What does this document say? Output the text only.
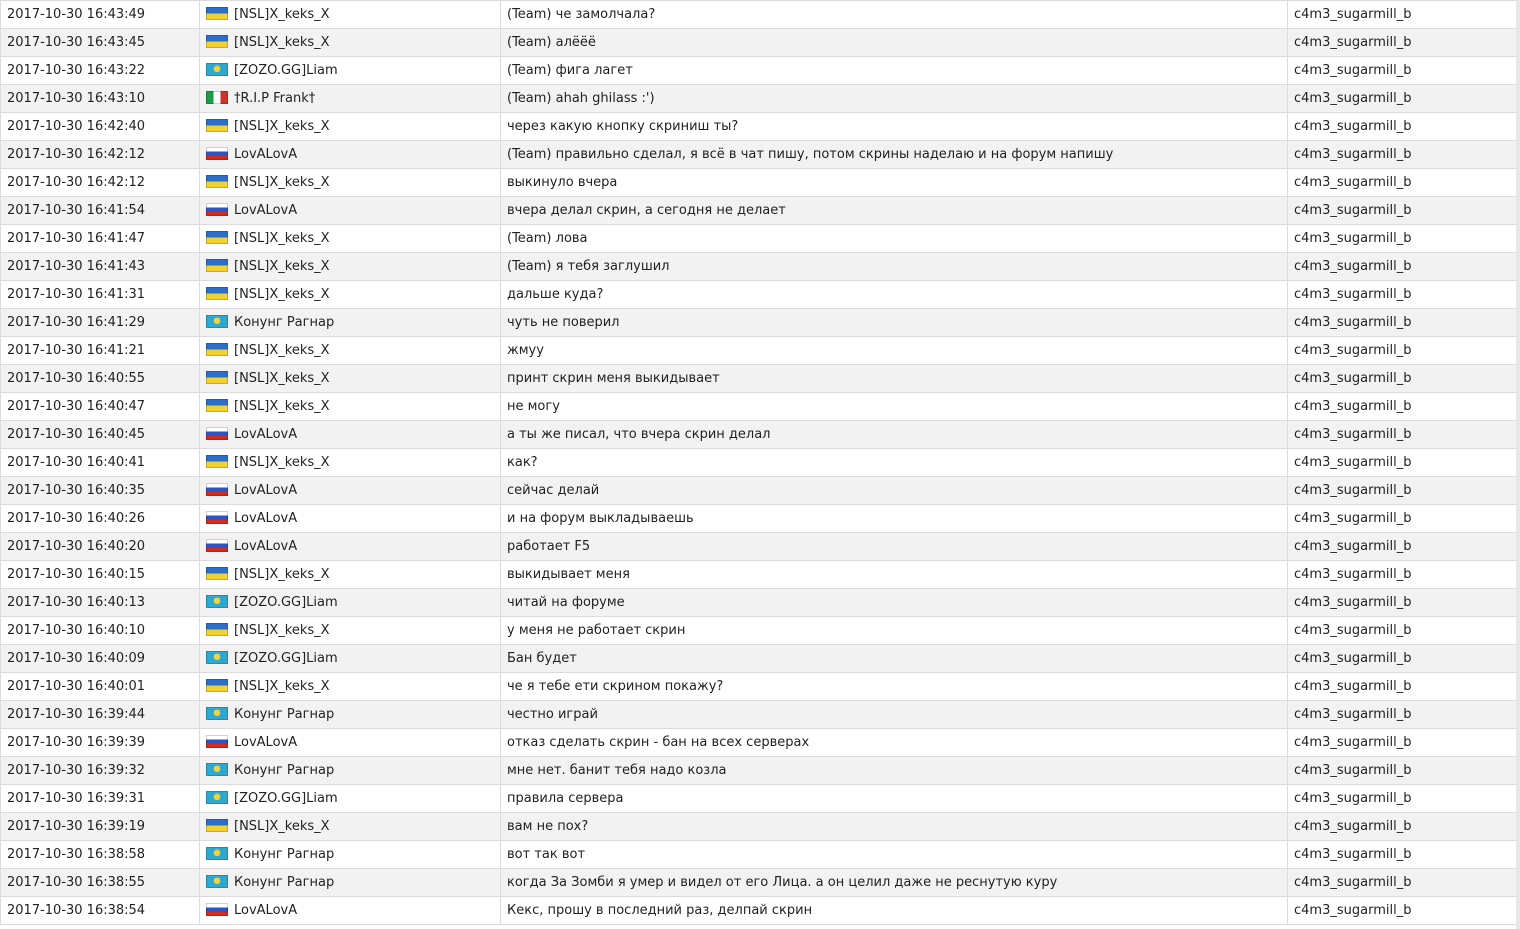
2017-10-30 16:43:49	[NSL]X_keks_X	(Team) че замолчала?	c4m3_sugarmill_b
2017-10-30 16:43:45	[NSL]X_keks_X	(Team) алёёё	c4m3_sugarmill_b
2017-10-30 16:43:22	[ZOZO.GG]Liam	(Team) фига лагет	c4m3_sugarmill_b
2017-10-30 16:43:10	†R.I.P Frank†	(Team) ahah ghilass :')	c4m3_sugarmill_b
2017-10-30 16:42:40	[NSL]X_keks_X	через какую кнопку скриниш ты?	c4m3_sugarmill_b
2017-10-30 16:42:12	LovALovA	(Team) правильно сделал, я всё в чат пишу, потом скрины наделаю и на форум напишу	c4m3_sugarmill_b
2017-10-30 16:42:12	[NSL]X_keks_X	выкинуло вчера	c4m3_sugarmill_b
2017-10-30 16:41:54	LovALovA	вчера делал скрин, а сегодня не делает	c4m3_sugarmill_b
2017-10-30 16:41:47	[NSL]X_keks_X	(Team) лова	c4m3_sugarmill_b
2017-10-30 16:41:43	[NSL]X_keks_X	(Team) я тебя заглушил	c4m3_sugarmill_b
2017-10-30 16:41:31	[NSL]X_keks_X	дальше куда?	c4m3_sugarmill_b
2017-10-30 16:41:29	Конунг Рагнар	чуть не поверил	c4m3_sugarmill_b
2017-10-30 16:41:21	[NSL]X_keks_X	жмуу	c4m3_sugarmill_b
2017-10-30 16:40:55	[NSL]X_keks_X	принт скрин меня выкидывает	c4m3_sugarmill_b
2017-10-30 16:40:47	[NSL]X_keks_X	не могу	c4m3_sugarmill_b
2017-10-30 16:40:45	LovALovA	а ты же писал, что вчера скрин делал	c4m3_sugarmill_b
2017-10-30 16:40:41	[NSL]X_keks_X	как?	c4m3_sugarmill_b
2017-10-30 16:40:35	LovALovA	сейчас делай	c4m3_sugarmill_b
2017-10-30 16:40:26	LovALovA	и на форум выкладываешь	c4m3_sugarmill_b
2017-10-30 16:40:20	LovALovA	работает F5	c4m3_sugarmill_b
2017-10-30 16:40:15	[NSL]X_keks_X	выкидывает меня	c4m3_sugarmill_b
2017-10-30 16:40:13	[ZOZO.GG]Liam	читай на форуме	c4m3_sugarmill_b
2017-10-30 16:40:10	[NSL]X_keks_X	у меня не работает скрин	c4m3_sugarmill_b
2017-10-30 16:40:09	[ZOZO.GG]Liam	Бан будет	c4m3_sugarmill_b
2017-10-30 16:40:01	[NSL]X_keks_X	че я тебе ети скрином покажу?	c4m3_sugarmill_b
2017-10-30 16:39:44	Конунг Рагнар	честно играй	c4m3_sugarmill_b
2017-10-30 16:39:39	LovALovA	отказ сделать скрин - бан на всех серверах	c4m3_sugarmill_b
2017-10-30 16:39:32	Конунг Рагнар	мне нет. банит тебя надо козла	c4m3_sugarmill_b
2017-10-30 16:39:31	[ZOZO.GG]Liam	правила сервера	c4m3_sugarmill_b
2017-10-30 16:39:19	[NSL]X_keks_X	вам не пох?	c4m3_sugarmill_b
2017-10-30 16:38:58	Конунг Рагнар	вот так вот	c4m3_sugarmill_b
2017-10-30 16:38:55	Конунг Рагнар	когда За Зомби я умер и видел от его Лица. а он целил даже не реснутую куру	c4m3_sugarmill_b
2017-10-30 16:38:54	LovALovA	Кекс, прошу в последний раз, делпай скрин	c4m3_sugarmill_b
